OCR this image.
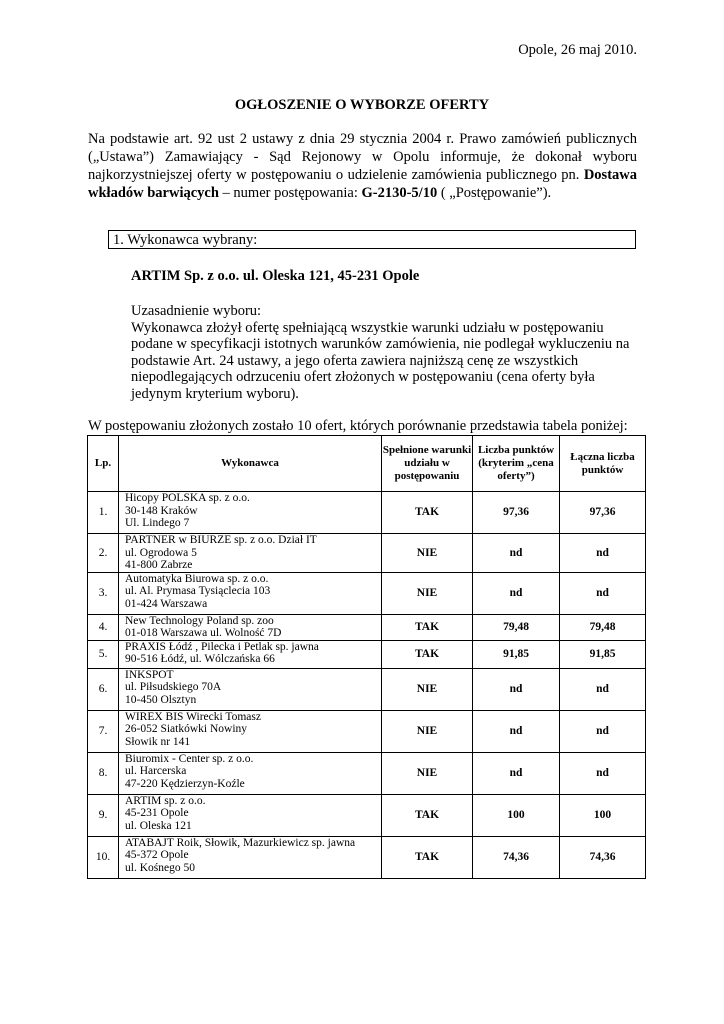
Opole, 26 maj 2010.
OGŁOSZENIE O WYBORZE OFERTY
Na podstawie art. 92 ust 2 ustawy z dnia 29 stycznia 2004 r. Prawo zamówień publicznych („Ustawa”) Zamawiający - Sąd Rejonowy w Opolu informuje, że dokonał wyboru najkorzystniejszej oferty w postępowaniu o udzielenie zamówienia publicznego pn. Dostawa wkładów barwiących – numer postępowania: G-2130-5/10 ( „Postępowanie”).
1. Wykonawca wybrany:
ARTIM Sp. z o.o. ul. Oleska 121, 45-231 Opole
Uzasadnienie wyboru:
Wykonawca złożył ofertę spełniającą wszystkie warunki udziału w postępowaniu podane w specyfikacji istotnych warunków zamówienia, nie podlegał wykluczeniu na podstawie Art. 24 ustawy, a jego oferta zawiera najniższą cenę ze wszystkich niepodlegających odrzuceniu ofert złożonych w postępowaniu (cena oferty była jedynym kryterium wyboru).
W postępowaniu złożonych zostało 10 ofert, których porównanie przedstawia tabela poniżej:
Lp.	Wykonawca	Spełnione warunki udziału w postępowaniu	Liczba punktów (kryterim „cena oferty”)	Łączna liczba punktów
1.	Hicopy POLSKA sp. z o.o.
30-148 Kraków
Ul. Lindego 7	TAK	97,36	97,36
2.	PARTNER w BIURZE sp. z o.o. Dział IT
ul. Ogrodowa 5
41-800 Zabrze	NIE	nd	nd
3.	Automatyka Biurowa sp. z o.o.
ul. Al. Prymasa Tysiąclecia 103
01-424 Warszawa	NIE	nd	nd
4.	New Technology Poland sp. zoo
01-018 Warszawa ul. Wolność 7D	TAK	79,48	79,48
5.	PRAXIS Łódź , Pilecka i Petlak sp. jawna
90-516 Łódź, ul. Wólczańska 66	TAK	91,85	91,85
6.	INKSPOT
ul. Piłsudskiego 70A
10-450 Olsztyn	NIE	nd	nd
7.	WIREX BIS Wirecki Tomasz
26-052 Siatkówki Nowiny
Słowik nr 141	NIE	nd	nd
8.	Biuromix - Center sp. z o.o.
ul. Harcerska
47-220 Kędzierzyn-Koźle	NIE	nd	nd
9.	ARTIM sp. z o.o.
45-231 Opole
ul. Oleska 121	TAK	100	100
10.	ATABAJT Roik, Słowik, Mazurkiewicz sp. jawna
45-372 Opole
ul. Kośnego 50	TAK	74,36	74,36
